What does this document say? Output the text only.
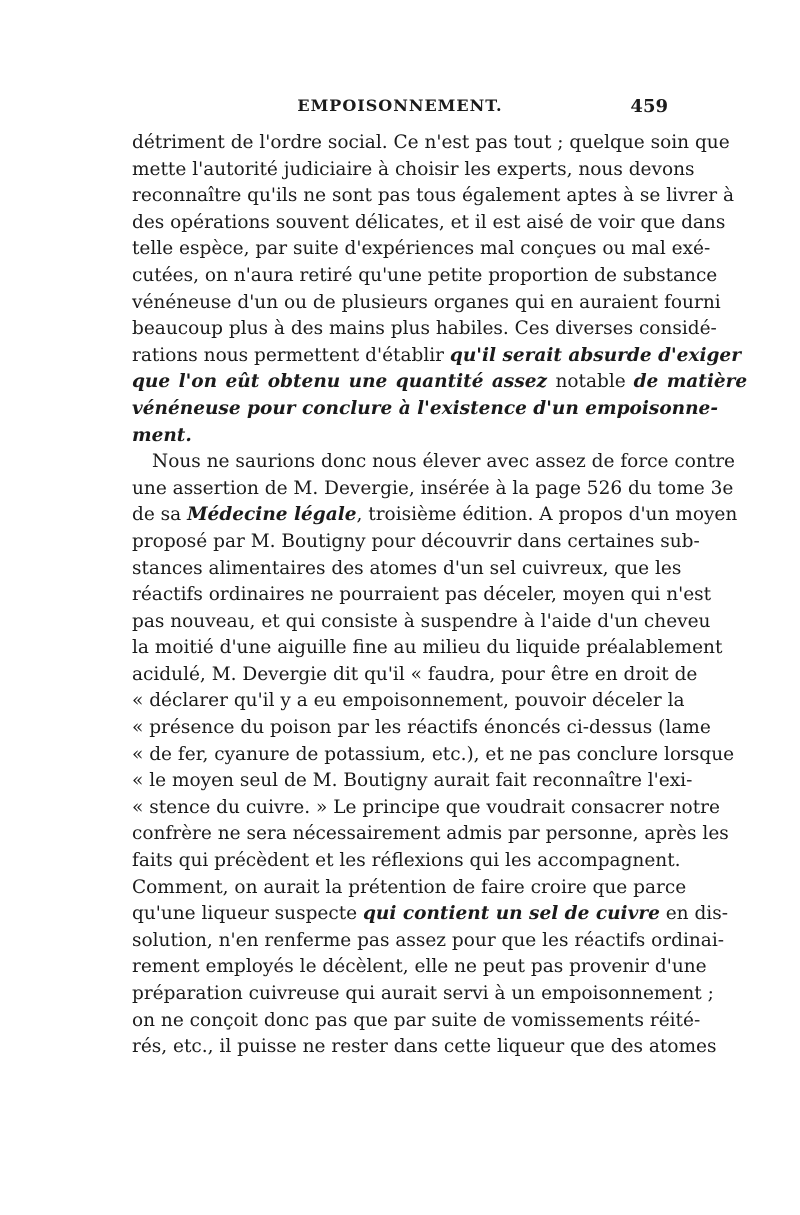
EMPOISONNEMENT.	459
détriment de l'ordre social. Ce n'est pas tout ; quelque soin que
mette l'autorité judiciaire à choisir les experts, nous devons
reconnaître qu'ils ne sont pas tous également aptes à se livrer à
des opérations souvent délicates, et il est aisé de voir que dans
telle espèce, par suite d'expériences mal conçues ou mal exé-
cutées, on n'aura retiré qu'une petite proportion de substance
vénéneuse d'un ou de plusieurs organes qui en auraient fourni
beaucoup plus à des mains plus habiles. Ces diverses considé-
rations nous permettent d'établir qu'il serait absurde d'exiger
que l'on eût obtenu une quantité assez notable de matière
vénéneuse pour conclure à l'existence d'un empoisonne-
ment.
Nous ne saurions donc nous élever avec assez de force contre
une assertion de M. Devergie, insérée à la page 526 du tome 3e
de sa Médecine légale, troisième édition. A propos d'un moyen
proposé par M. Boutigny pour découvrir dans certaines sub-
stances alimentaires des atomes d'un sel cuivreux, que les
réactifs ordinaires ne pourraient pas déceler, moyen qui n'est
pas nouveau, et qui consiste à suspendre à l'aide d'un cheveu
la moitié d'une aiguille fine au milieu du liquide préalablement
acidulé, M. Devergie dit qu'il « faudra, pour être en droit de
« déclarer qu'il y a eu empoisonnement, pouvoir déceler la
« présence du poison par les réactifs énoncés ci-dessus (lame
« de fer, cyanure de potassium, etc.), et ne pas conclure lorsque
« le moyen seul de M. Boutigny aurait fait reconnaître l'exi-
« stence du cuivre. » Le principe que voudrait consacrer notre
confrère ne sera nécessairement admis par personne, après les
faits qui précèdent et les réflexions qui les accompagnent.
Comment, on aurait la prétention de faire croire que parce
qu'une liqueur suspecte qui contient un sel de cuivre en dis-
solution, n'en renferme pas assez pour que les réactifs ordinai-
rement employés le décèlent, elle ne peut pas provenir d'une
préparation cuivreuse qui aurait servi à un empoisonnement ;
on ne conçoit donc pas que par suite de vomissements réité-
rés, etc., il puisse ne rester dans cette liqueur que des atomes
